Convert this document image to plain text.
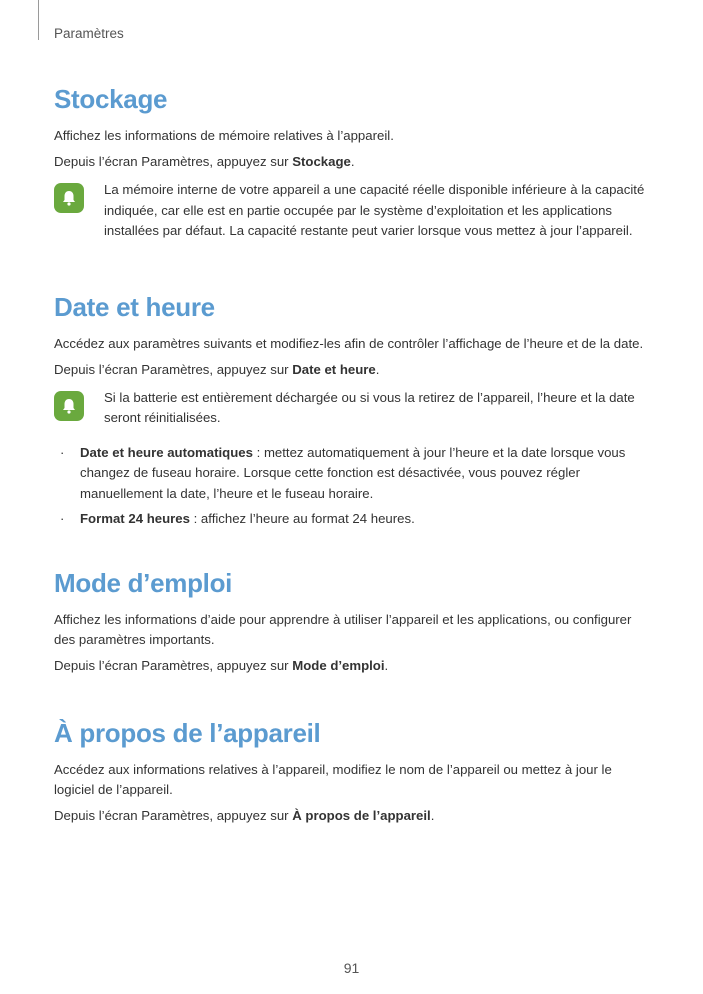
Paramètres
Stockage

Affichez les informations de mémoire relatives à l’appareil.

Depuis l’écran Paramètres, appuyez sur Stockage.

La mémoire interne de votre appareil a une capacité réelle disponible inférieure à la capacité indiquée, car elle est en partie occupée par le système d’exploitation et les applications installées par défaut. La capacité restante peut varier lorsque vous mettez à jour l’appareil.
Date et heure

Accédez aux paramètres suivants et modifiez-les afin de contrôler l’affichage de l’heure et de la date.

Depuis l’écran Paramètres, appuyez sur Date et heure.

Si la batterie est entièrement déchargée ou si vous la retirez de l’appareil, l’heure et la date seront réinitialisées.
· Date et heure automatiques : mettez automatiquement à jour l’heure et la date lorsque vous changez de fuseau horaire. Lorsque cette fonction est désactivée, vous pouvez régler manuellement la date, l’heure et le fuseau horaire.
· Format 24 heures : affichez l’heure au format 24 heures.
Mode d’emploi

Affichez les informations d’aide pour apprendre à utiliser l’appareil et les applications, ou configurer des paramètres importants.

Depuis l’écran Paramètres, appuyez sur Mode d’emploi.

À propos de l’appareil

Accédez aux informations relatives à l’appareil, modifiez le nom de l’appareil ou mettez à jour le logiciel de l’appareil.

Depuis l’écran Paramètres, appuyez sur À propos de l’appareil.

91
